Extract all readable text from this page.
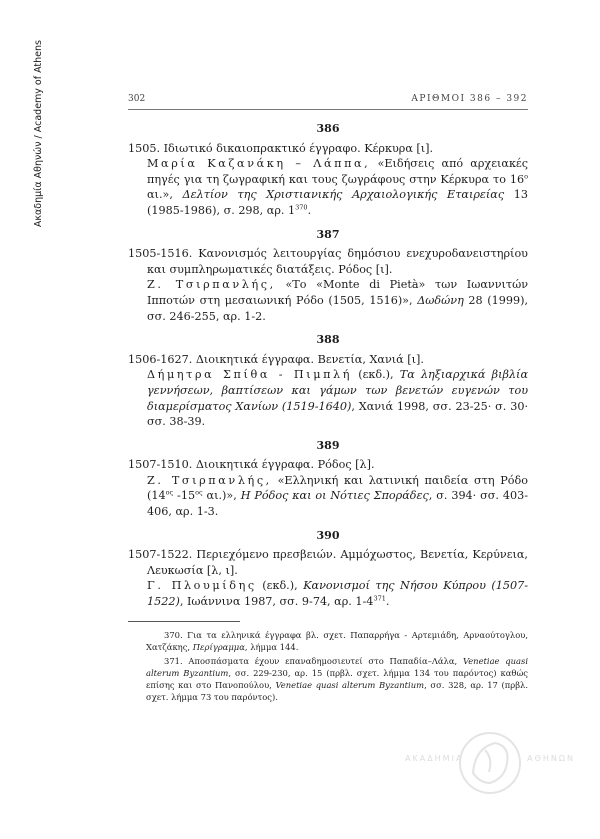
Ακαδημία Αθηνών / Academy of Athens	302	ΑΡΙΘΜΟΙ 386 – 392
386

1505. Ιδιωτικό δικαιοπρακτικό έγγραφο. Κέρκυρα [ι].

Μαρία Καζανάκη – Λάππα, «Ειδήσεις από αρχειακές πηγές για τη ζωγραφική και τους ζωγράφους στην Κέρκυρα το $16^o$ αι.», Δελτίον της Χριστιανικής Αρχαιολογικής Εταιρείας 13 (1985-1986), σ. 298, αρ. $1^{370}$.

387

1505-1516. Κανονισμός λειτουργίας δημόσιου ενεχυροδανειστηρίου και συμπληρωματικές διατάξεις. Ρόδος [ι].

Ζ. Τσιρπανλής, «Το «Monte di Pietà» των Ιωαννιτών Ιπποτών στη μεσαιωνική Ρόδο (1505, 1516)», Δωδώνη 28 (1999), σσ. 246-255, αρ. 1-2.

388

1506-1627. Διοικητικά έγγραφα. Βενετία, Χανιά [ι].

Δήμητρα Σπίθα - Πιμπλή (εκδ.), Τα ληξιαρχικά βιβλία γεννήσεων, βαπτίσεων και γάμων των βενετών ευγενών του διαμερίσματος Χανίων (1519-1640), Χανιά 1998, σσ. 23-25· σ. 30· σσ. 38-39.

389

1507-1510. Διοικητικά έγγραφα. Ρόδος [λ].

Ζ. Τσιρπανλής, «Ελληνική και λατινική παιδεία στη Ρόδο ($14^{o\varsigma}$ $-15^{o\varsigma}$ αι.)», Η Ρόδος και οι Νότιες Σποράδες, σ. 394· σσ. 403-406, αρ. 1-3.

390

1507-1522. Περιεχόμενο πρεσβειών. Αμμόχωστος, Βενετία, Κερύνεια, Λευκωσία [λ, ι].

Γ. Πλουμίδης (εκδ.), Κανονισμοί της Νήσου Κύπρου (1507-1522), Ιωάννινα 1987, σσ. 9-74, αρ. $1-4^{371}$.

370. Για τα ελληνικά έγγραφα βλ. σχετ. Παπαρρήγα - Αρτεμιάδη, Αρναούτογλου, Χατζάκης, Περίγραμμα, λήμμα 144.

371. Αποσπάσματα έχουν επαναδημοσιευτεί στο Παπαδία–Λάλα, Venetiae quasi alterum Byzantium, σσ. 229-230, αρ. 15 (πρβλ. σχετ. λήμμα 134 του παρόντος) καθώς επίσης και στο Πανοπούλου, Venetiae quasi alterum Byzantium, σσ. 328, αρ. 17 (πρβλ. σχετ. λήμμα 73 του παρόντος).

ΑΚΑΔΗΜΙΑ	ΑΘΗΝΩΝ
